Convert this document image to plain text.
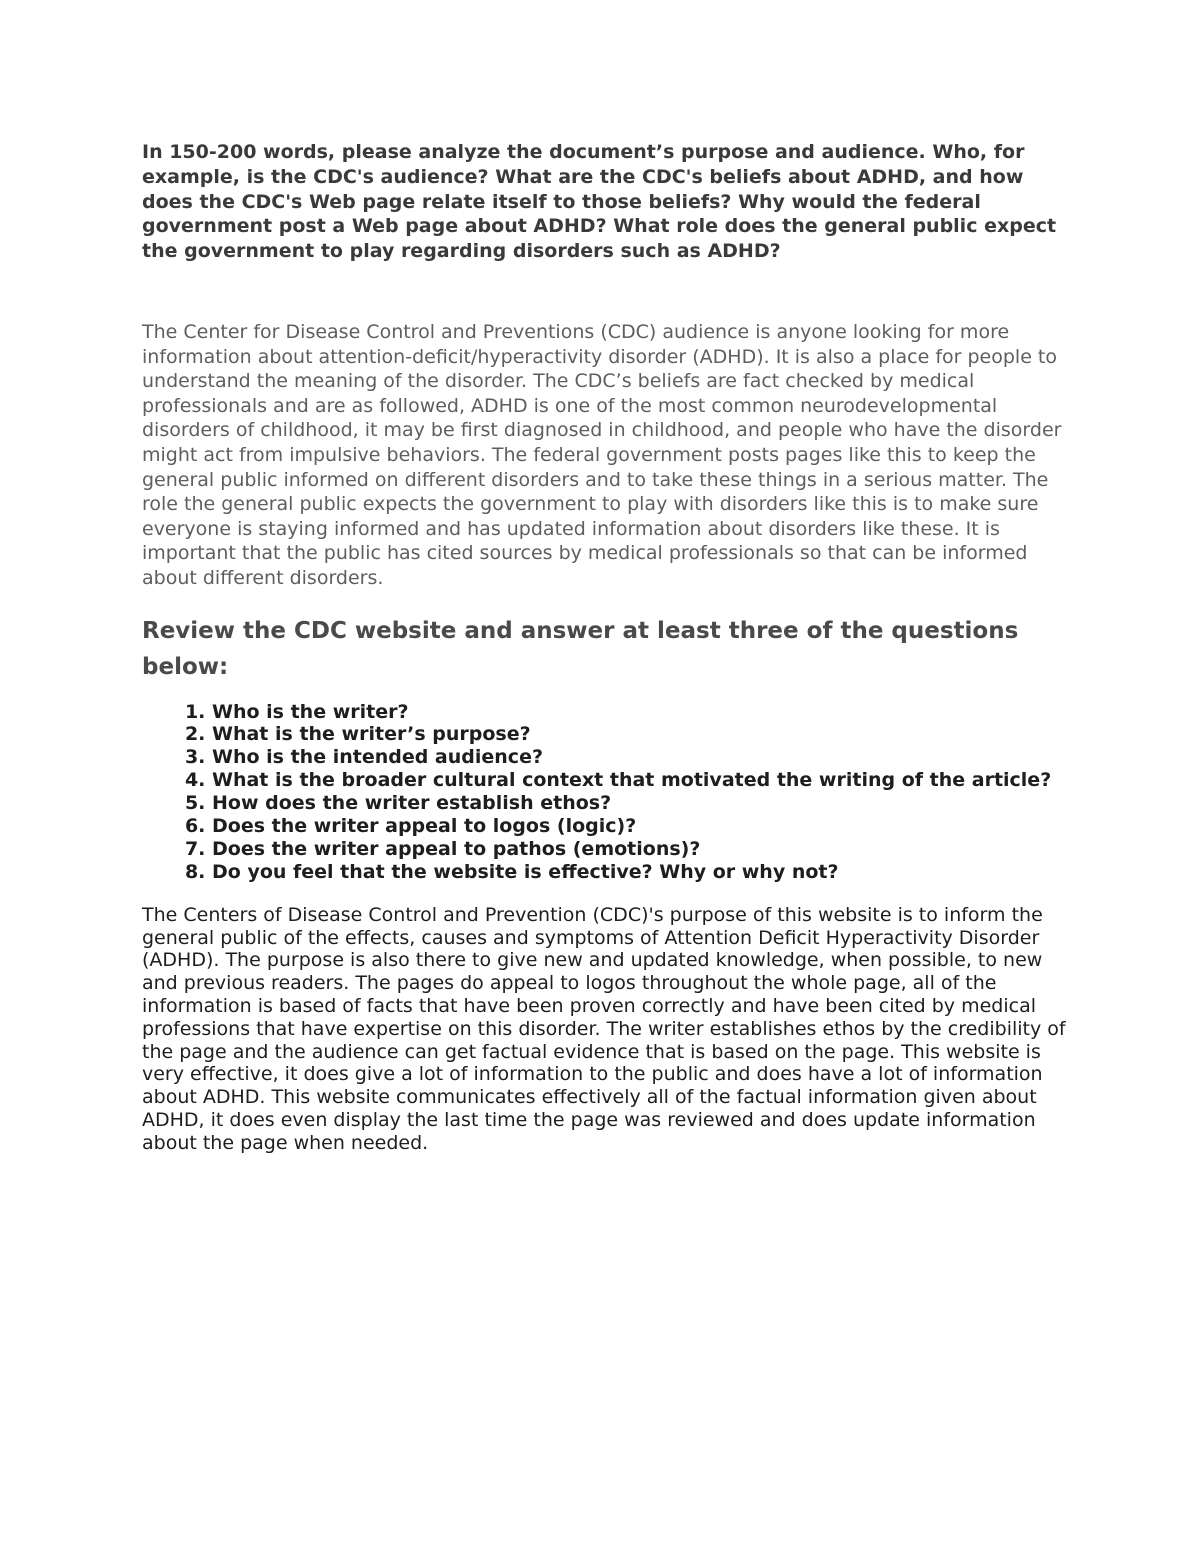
In 150-200 words, please analyze the document’s purpose and audience. Who, for example, is the CDC's audience? What are the CDC's beliefs about ADHD, and how does the CDC's Web page relate itself to those beliefs? Why would the federal government post a Web page about ADHD? What role does the general public expect the government to play regarding disorders such as ADHD?

The Center for Disease Control and Preventions (CDC) audience is anyone looking for more information about attention-deficit/hyperactivity disorder (ADHD). It is also a place for people to understand the meaning of the disorder. The CDC’s beliefs are fact checked by medical professionals and are as followed, ADHD is one of the most common neurodevelopmental disorders of childhood, it may be first diagnosed in childhood, and people who have the disorder might act from impulsive behaviors. The federal government posts pages like this to keep the general public informed on different disorders and to take these things in a serious matter. The role the general public expects the government to play with disorders like this is to make sure everyone is staying informed and has updated information about disorders like these. It is important that the public has cited sources by medical professionals so that can be informed about different disorders.

Review the CDC website and answer at least three of the questions below:
1. Who is the writer?
2. What is the writer’s purpose?
3. Who is the intended audience?
4. What is the broader cultural context that motivated the writing of the article?
5. How does the writer establish ethos?
6. Does the writer appeal to logos (logic)?
7. Does the writer appeal to pathos (emotions)?
8. Do you feel that the website is effective? Why or why not?

The Centers of Disease Control and Prevention (CDC)'s purpose of this website is to inform the general public of the effects, causes and symptoms of Attention Deficit Hyperactivity Disorder (ADHD). The purpose is also there to give new and updated knowledge, when possible, to new and previous readers. The pages do appeal to logos throughout the whole page, all of the information is based of facts that have been proven correctly and have been cited by medical professions that have expertise on this disorder. The writer establishes ethos by the credibility of the page and the audience can get factual evidence that is based on the page. This website is very effective, it does give a lot of information to the public and does have a lot of information about ADHD. This website communicates effectively all of the factual information given about ADHD, it does even display the last time the page was reviewed and does update information about the page when needed.
